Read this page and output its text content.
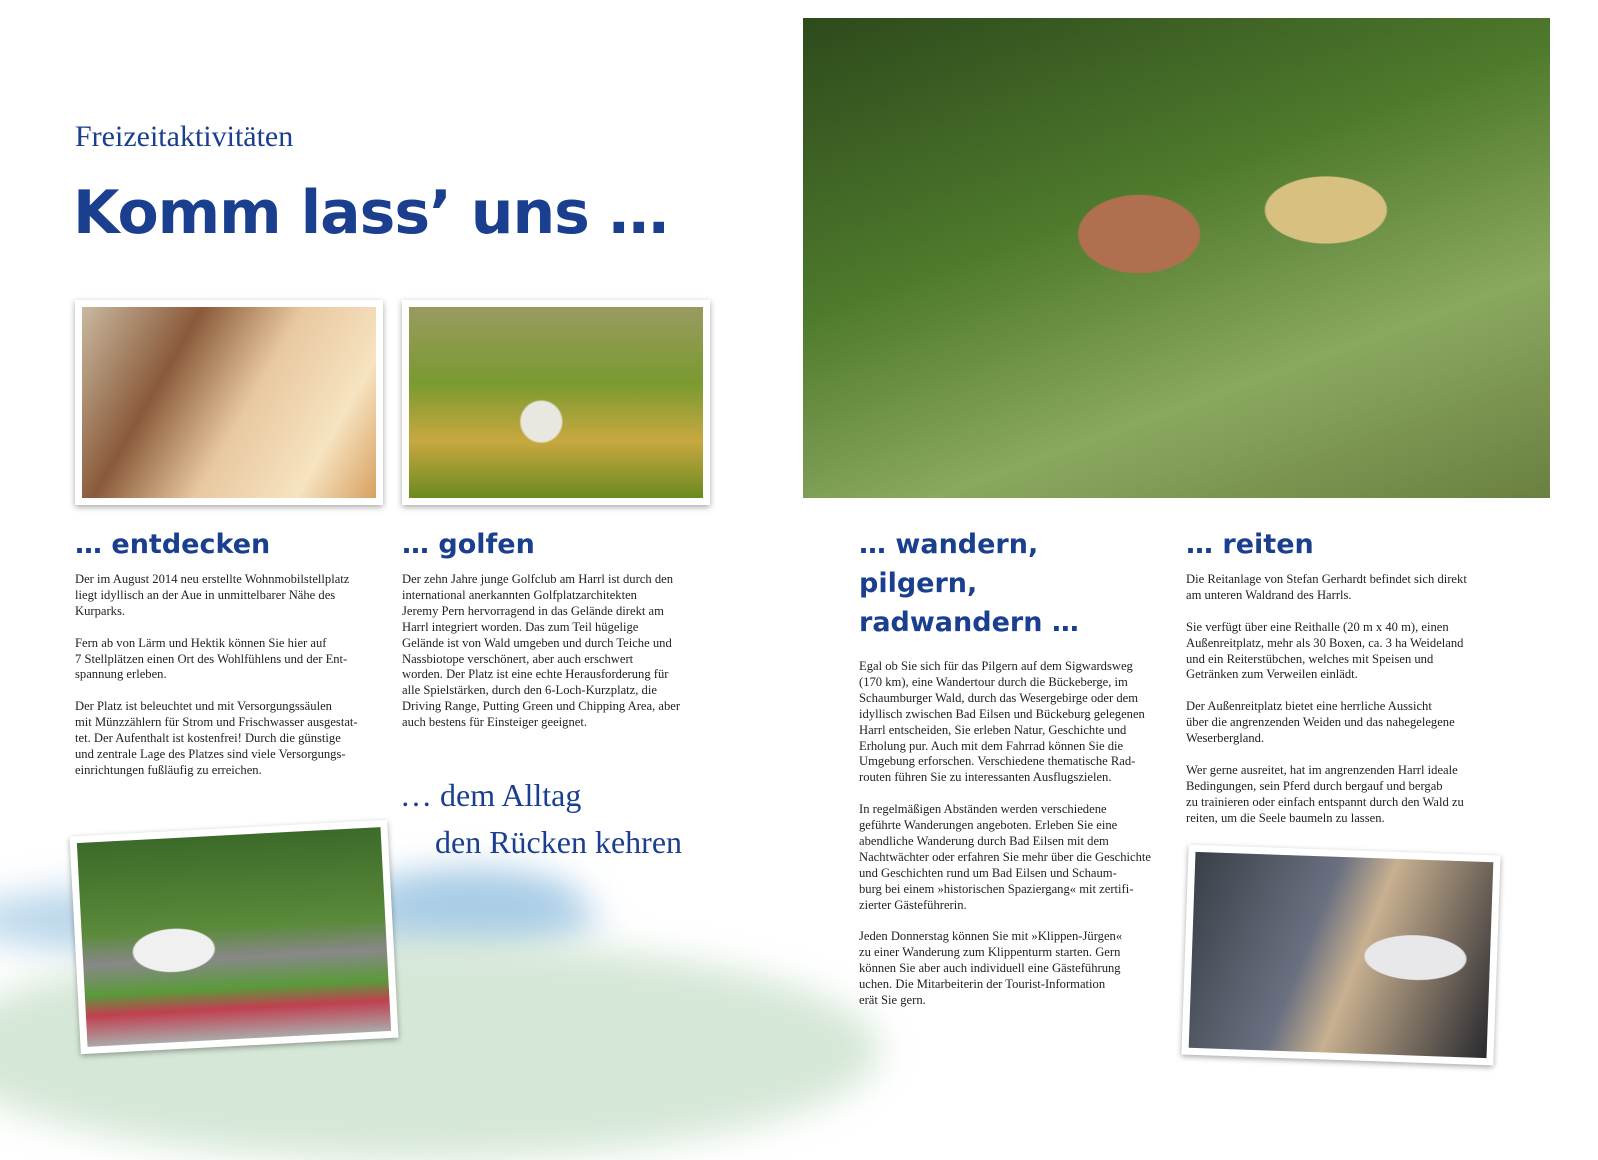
Freizeitaktivitäten
Komm lass’ uns …
… entdecken
Der im August 2014 neu erstellte Wohnmobilstellplatz
liegt idyllisch an der Aue in unmittelbarer Nähe des
Kurparks.

Fern ab von Lärm und Hektik können Sie hier auf
7 Stellplätzen einen Ort des Wohlfühlens und der Ent-
spannung erleben.

Der Platz ist beleuchtet und mit Versorgungssäulen
mit Münzzählern für Strom und Frischwasser ausgestat-
tet. Der Aufenthalt ist kostenfrei! Durch die günstige
und zentrale Lage des Platzes sind viele Versorgungs-
einrichtungen fußläufig zu erreichen.
… golfen
Der zehn Jahre junge Golfclub am Harrl ist durch den
international anerkannten Golfplatzarchitekten
Jeremy Pern hervorragend in das Gelände direkt am
Harrl integriert worden. Das zum Teil hügelige
Gelände ist von Wald umgeben und durch Teiche und
Nassbiotope verschönert, aber auch erschwert
worden. Der Platz ist eine echte Herausforderung für
alle Spielstärken, durch den 6-Loch-Kurzplatz, die
Driving Range, Putting Green und Chipping Area, aber
auch bestens für Einsteiger geeignet.
… wandern, pilgern, radwandern …
Egal ob Sie sich für das Pilgern auf dem Sigwardsweg
(170 km), eine Wandertour durch die Bückeberge, im
Schaumburger Wald, durch das Wesergebirge oder dem
idyllisch zwischen Bad Eilsen und Bückeburg gelegenen
Harrl entscheiden, Sie erleben Natur, Geschichte und
Erholung pur. Auch mit dem Fahrrad können Sie die
Umgebung erforschen. Verschiedene thematische Rad-
routen führen Sie zu interessanten Ausflugszielen.

In regelmäßigen Abständen werden verschiedene
geführte Wanderungen angeboten. Erleben Sie eine
abendliche Wanderung durch Bad Eilsen mit dem
Nachtwächter oder erfahren Sie mehr über die Geschichte
und Geschichten rund um Bad Eilsen und Schaum-
burg bei einem »historischen Spaziergang« mit zertifi-
zierter Gästeführerin.

Jeden Donnerstag können Sie mit »Klippen-Jürgen«
zu einer Wanderung zum Klippenturm starten. Gern
können Sie aber auch individuell eine Gästeführung
uchen. Die Mitarbeiterin der Tourist-Information
erät Sie gern.
… reiten
Die Reitanlage von Stefan Gerhardt befindet sich direkt
am unteren Waldrand des Harrls.

Sie verfügt über eine Reithalle (20 m x 40 m), einen
Außenreitplatz, mehr als 30 Boxen, ca. 3 ha Weideland
und ein Reiterstübchen, welches mit Speisen und
Getränken zum Verweilen einlädt.

Der Außenreitplatz bietet eine herrliche Aussicht
über die angrenzenden Weiden und das nahegelegene
Weserbergland.

Wer gerne ausreitet, hat im angrenzenden Harrl ideale
Bedingungen, sein Pferd durch bergauf und bergab
zu trainieren oder einfach entspannt durch den Wald zu
reiten, um die Seele baumeln zu lassen.
… dem Alltag
den Rücken kehren
